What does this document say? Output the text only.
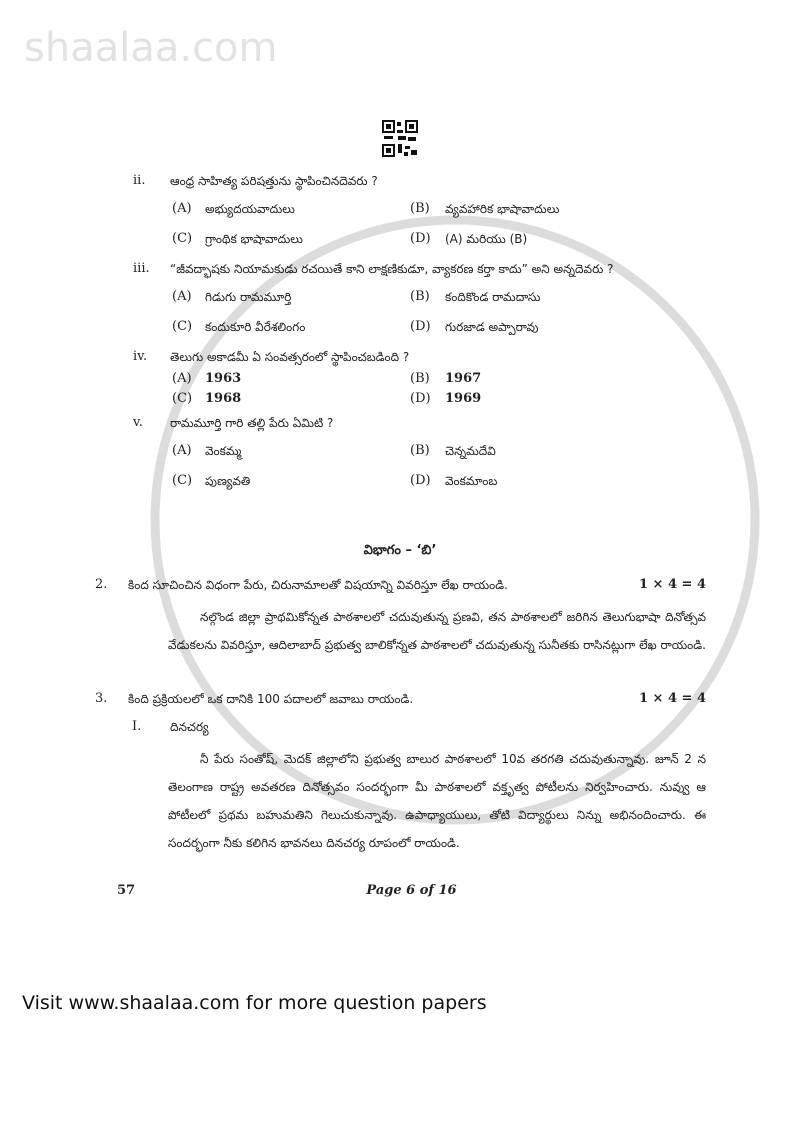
shaalaa.com
ii.	ఆంధ్ర సాహిత్య పరిషత్తును స్థాపించినదెవరు ?
(A)	అభ్యుదయవాదులు	(B)	వ్యవహారిక భాషావాదులు
(C)	గ్రాంథిక భాషావాదులు	(D)	(A) మరియు (B)
iii.	“జీవద్భాషకు నియామకుడు రచయితే కాని లాక్షణికుడూ, వ్యాకరణ కర్తా కాదు” అని అన్నదెవరు ?
(A)	గిడుగు రామమూర్తి	(B)	కందికొండ రామదాసు
(C)	కందుకూరి వీరేశలింగం	(D)	గురజాడ అప్పారావు
iv.	తెలుగు అకాడమీ ఏ సంవత్సరంలో స్థాపించబడింది ?
(A)	1963	(B)	1967
(C) 1968	(D)	1969
v.	రామమూర్తి గారి తల్లి పేరు ఏమిటి ?
(A)	వెంకమ్మ	(B)	చెన్నమదేవి
(C)	పుణ్యవతి	(D)	వెంకమాంబ
విభాగం – ‘బి’
2.	కింద సూచించిన విధంగా పేరు, చిరునామాలతో విషయాన్ని వివరిస్తూ లేఖ రాయండి.	1 × 4 = 4
నల్గొండ జిల్లా ప్రాథమికోన్నత పాఠశాలలో చదువుతున్న ప్రణవి, తన పాఠశాలలో జరిగిన తెలుగుభాషా దినోత్సవ వేడుకలను వివరిస్తూ, ఆదిలాబాద్ ప్రభుత్వ బాలికోన్నత పాఠశాలలో చదువుతున్న సునీతకు రాసినట్లుగా లేఖ రాయండి.
3.	కింది ప్రక్రియలలో ఒక దానికి 100 పదాలలో జవాబు రాయండి.	1 × 4 = 4
I.	దినచర్య
నీ పేరు సంతోష్, మెదక్ జిల్లాలోని ప్రభుత్వ బాలుర పాఠశాలలో 10వ తరగతి చదువుతున్నావు. జూన్ 2 న తెలంగాణ రాష్ట్ర అవతరణ దినోత్సవం సందర్భంగా మీ పాఠశాలలో వక్తృత్వ పోటీలను నిర్వహించారు. నువ్వు ఆ పోటీలలో ప్రథమ బహుమతిని గెలుచుకున్నావు. ఉపాధ్యాయులు, తోటి విద్యార్థులు నిన్ను అభినందించారు. ఈ సందర్భంగా నీకు కలిగిన భావనలు దినచర్య రూపంలో రాయండి.
57	Page 6 of 16
Visit www.shaalaa.com for more question papers
